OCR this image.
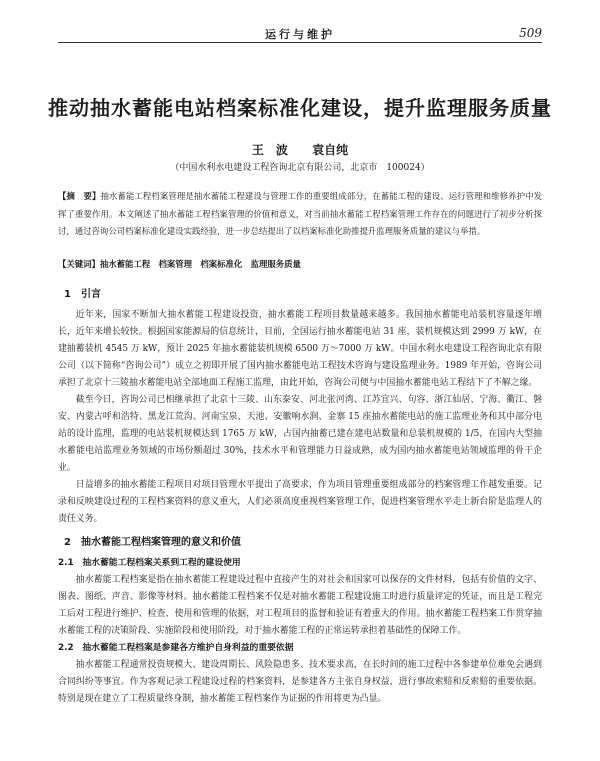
运行与维护	509
推动抽水蓄能电站档案标准化建设，提升监理服务质量
王　波 袁自纯
（中国水利水电建设工程咨询北京有限公司，北京市　100024）
【摘　要】抽水蓄能工程档案管理是抽水蓄能工程建设与管理工作的重要组成部分，在蓄能工程的建设、运行管理和维修养护中发挥了重要作用。本文阐述了抽水蓄能工程档案管理的价值和意义，对当前抽水蓄能工程档案管理工作存在的问题进行了初步分析探讨，通过咨询公司档案标准化建设实践经验，进一步总结提出了以档案标准化助推提升监理服务质量的建议与举措。
【关键词】抽水蓄能工程　档案管理　档案标准化　监理服务质量
1　引言

近年来，国家不断加大抽水蓄能工程建设投资，抽水蓄能工程项目数量越来越多。我国抽水蓄能电站装机容量逐年增长，近年来增长较快。根据国家能源局的信息统计，目前，全国运行抽水蓄能电站 31 座，装机规模达到 2999 万 kW，在建抽蓄装机 4545 万 kW，预计 2025 年抽水蓄能装机规模 6500 万～7000 万 kW。中国水利水电建设工程咨询北京有限公司（以下简称“咨询公司”）成立之初即开展了国内抽水蓄能电站工程技术咨询与建设监理业务。1989 年开始，咨询公司承担了北京十三陵抽水蓄能电站全部地面工程施工监理，由此开始，咨询公司便与中国抽水蓄能电站工程结下了不解之缘。

截至今日，咨询公司已相继承担了北京十三陵、山东泰安、河北张河湾、江苏宜兴、句容、浙江仙居、宁海、衢江、磐安、内蒙古呼和浩特、黑龙江荒沟、河南宝泉、天池、安徽响水涧、金寨 15 座抽水蓄能电站的施工监理业务和其中部分电站的设计监理，监理的电站装机规模达到 1765 万 kW，占国内抽蓄已建在建电站数量和总装机规模的 1/5，在国内大型抽水蓄能电站监理业务领域的市场份额超过 30%，技术水平和管理能力日益成熟，成为国内抽水蓄能电站领域监理的骨干企业。

日益增多的抽水蓄能工程项目对项目管理水平提出了高要求，作为项目管理重要组成部分的档案管理工作越发重要。记录和反映建设过程的工程档案资料的意义重大，人们必须高度重视档案管理工作，促进档案管理水平走上新台阶是监理人的责任义务。

2　抽水蓄能工程档案管理的意义和价值
2.1　抽水蓄能工程档案关系到工程的建设使用

抽水蓄能工程档案是指在抽水蓄能工程建设过程中直接产生的对社会和国家可以保存的文件材料，包括有价值的文字、图表、图纸、声音、影像等材料。抽水蓄能工程档案不仅是对抽水蓄能工程建设施工时进行质量评定的凭证，而且是工程完工后对工程进行维护、检查、使用和管理的依据，对工程项目的监督和验证有着重大的作用。抽水蓄能工程档案工作贯穿抽水蓄能工程的决策阶段、实施阶段和使用阶段，对于抽水蓄能工程的正常运转承担着基础性的保障工作。

2.2　抽水蓄能工程档案是参建各方维护自身利益的重要依据

抽水蓄能工程通常投资规模大、建设周期长、风险隐患多、技术要求高，在长时间的施工过程中各参建单位难免会遇到合同纠纷等事宜。作为客观记录工程建设过程的档案资料，是参建各方主张自身权益，进行事故索赔和反索赔的重要依据。特别是现在建立了工程质量终身制，抽水蓄能工程档案作为证据的作用将更为凸显。
